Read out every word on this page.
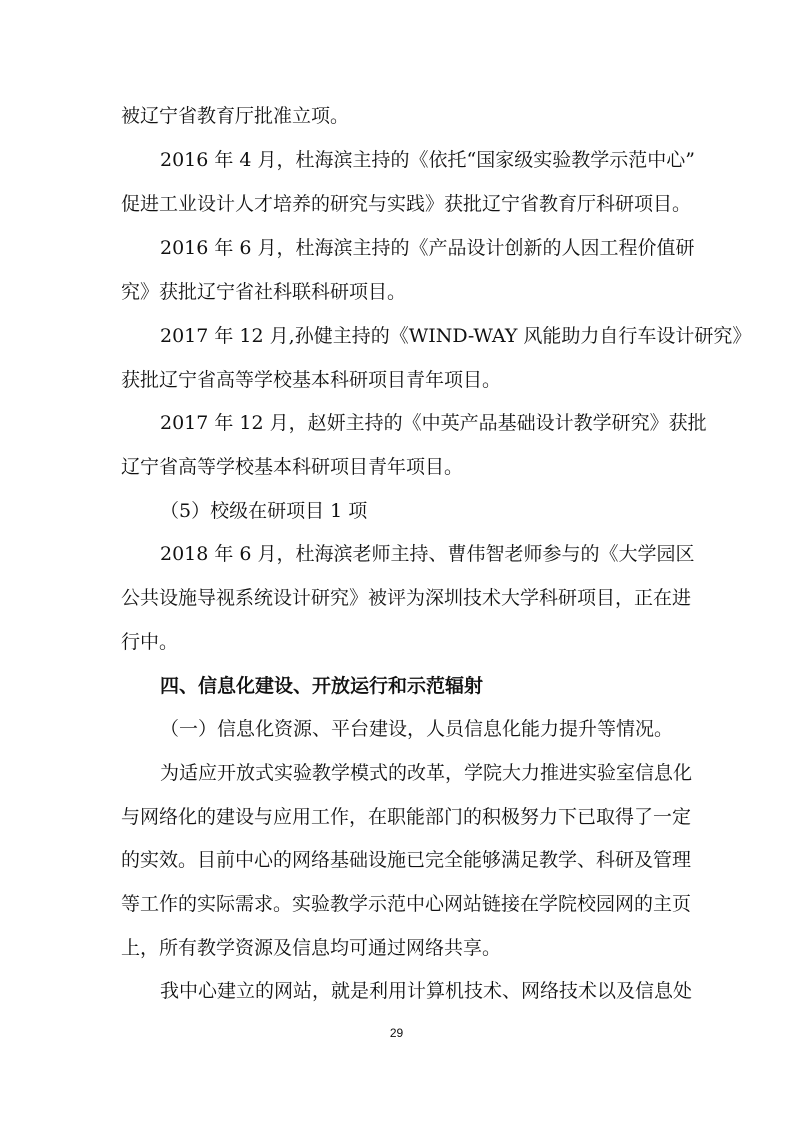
被辽宁省教育厅批准立项。
2016 年 4 月，杜海滨主持的《依托“国家级实验教学示范中心”
促进工业设计人才培养的研究与实践》获批辽宁省教育厅科研项目。
2016 年 6 月，杜海滨主持的《产品设计创新的人因工程价值研
究》获批辽宁省社科联科研项目。
2017 年 12 月,孙健主持的《WIND-WAY 风能助力自行车设计研究》
获批辽宁省高等学校基本科研项目青年项目。
2017 年 12 月，赵妍主持的《中英产品基础设计教学研究》获批
辽宁省高等学校基本科研项目青年项目。
（5）校级在研项目 1 项
2018 年 6 月，杜海滨老师主持、曹伟智老师参与的《大学园区
公共设施导视系统设计研究》被评为深圳技术大学科研项目，正在进
行中。
四、信息化建设、开放运行和示范辐射
（一）信息化资源、平台建设，人员信息化能力提升等情况。
为适应开放式实验教学模式的改革，学院大力推进实验室信息化
与网络化的建设与应用工作，在职能部门的积极努力下已取得了一定
的实效。目前中心的网络基础设施已完全能够满足教学、科研及管理
等工作的实际需求。实验教学示范中心网站链接在学院校园网的主页
上，所有教学资源及信息均可通过网络共享。
我中心建立的网站，就是利用计算机技术、网络技术以及信息处
29
